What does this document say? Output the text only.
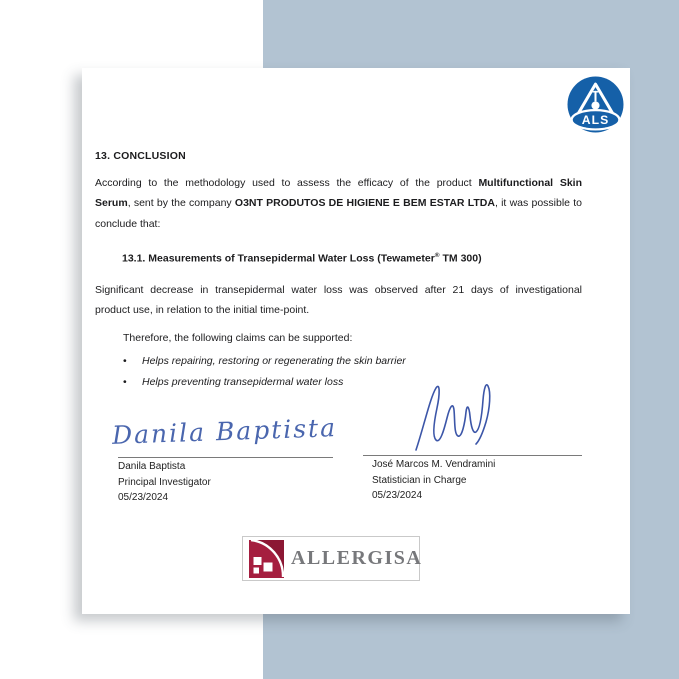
ALS
13. CONCLUSION
According to the methodology used to assess the efficacy of the product Multifunctional Skin
Serum, sent by the company O3NT PRODUTOS DE HIGIENE E BEM ESTAR LTDA, it was possible to
conclude that:
13.1. Measurements of Transepidermal Water Loss (Tewameter® TM 300)
Significant decrease in transepidermal water loss was observed after 21 days of investigational
product use, in relation to the initial time-point.
Therefore, the following claims can be supported:
•	Helps repairing, restoring or regenerating the skin barrier
•	Helps preventing transepidermal water loss
Danila Baptista
Danila Baptista
Principal Investigator
05/23/2024
José Marcos M. Vendramini
Statistician in Charge
05/23/2024
ALLERGISA
